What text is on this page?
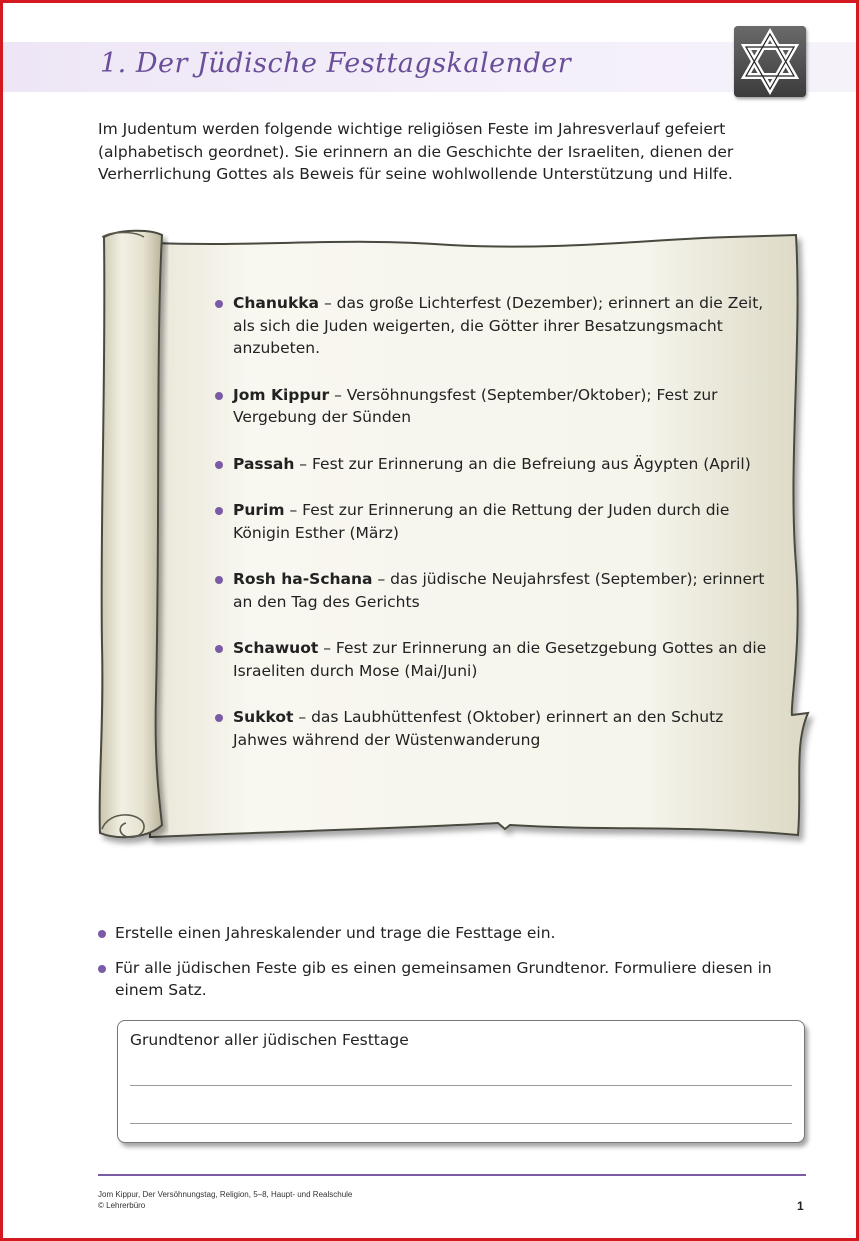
1. Der Jüdische Festtagskalender
Im Judentum werden folgende wichtige religiösen Feste im Jahresverlauf gefeiert (alphabetisch geordnet). Sie erinnern an die Geschichte der Israeliten, dienen der Verherrlichung Gottes als Beweis für seine wohlwollende Unterstützung und Hilfe.
Chanukka – das große Lichterfest (Dezember); erinnert an die Zeit, als sich die Juden weigerten, die Götter ihrer Besatzungsmacht anzubeten.
Jom Kippur – Versöhnungsfest (September/Oktober); Fest zur Vergebung der Sünden
Passah – Fest zur Erinnerung an die Befreiung aus Ägypten (April)
Purim – Fest zur Erinnerung an die Rettung der Juden durch die Königin Esther (März)
Rosh ha-Schana – das jüdische Neujahrsfest (September); erinnert an den Tag des Gerichts
Schawuot – Fest zur Erinnerung an die Gesetzgebung Gottes an die Israeliten durch Mose (Mai/Juni)
Sukkot – das Laubhüttenfest (Oktober) erinnert an den Schutz Jahwes während der Wüstenwanderung
Erstelle einen Jahreskalender und trage die Festtage ein.
Für alle jüdischen Feste gib es einen gemeinsamen Grundtenor. Formuliere diesen in einem Satz.
Grundtenor aller jüdischen Festtage
Jom Kippur, Der Versöhnungstag, Religion, 5–8, Haupt- und Realschule
© Lehrerbüro	1
